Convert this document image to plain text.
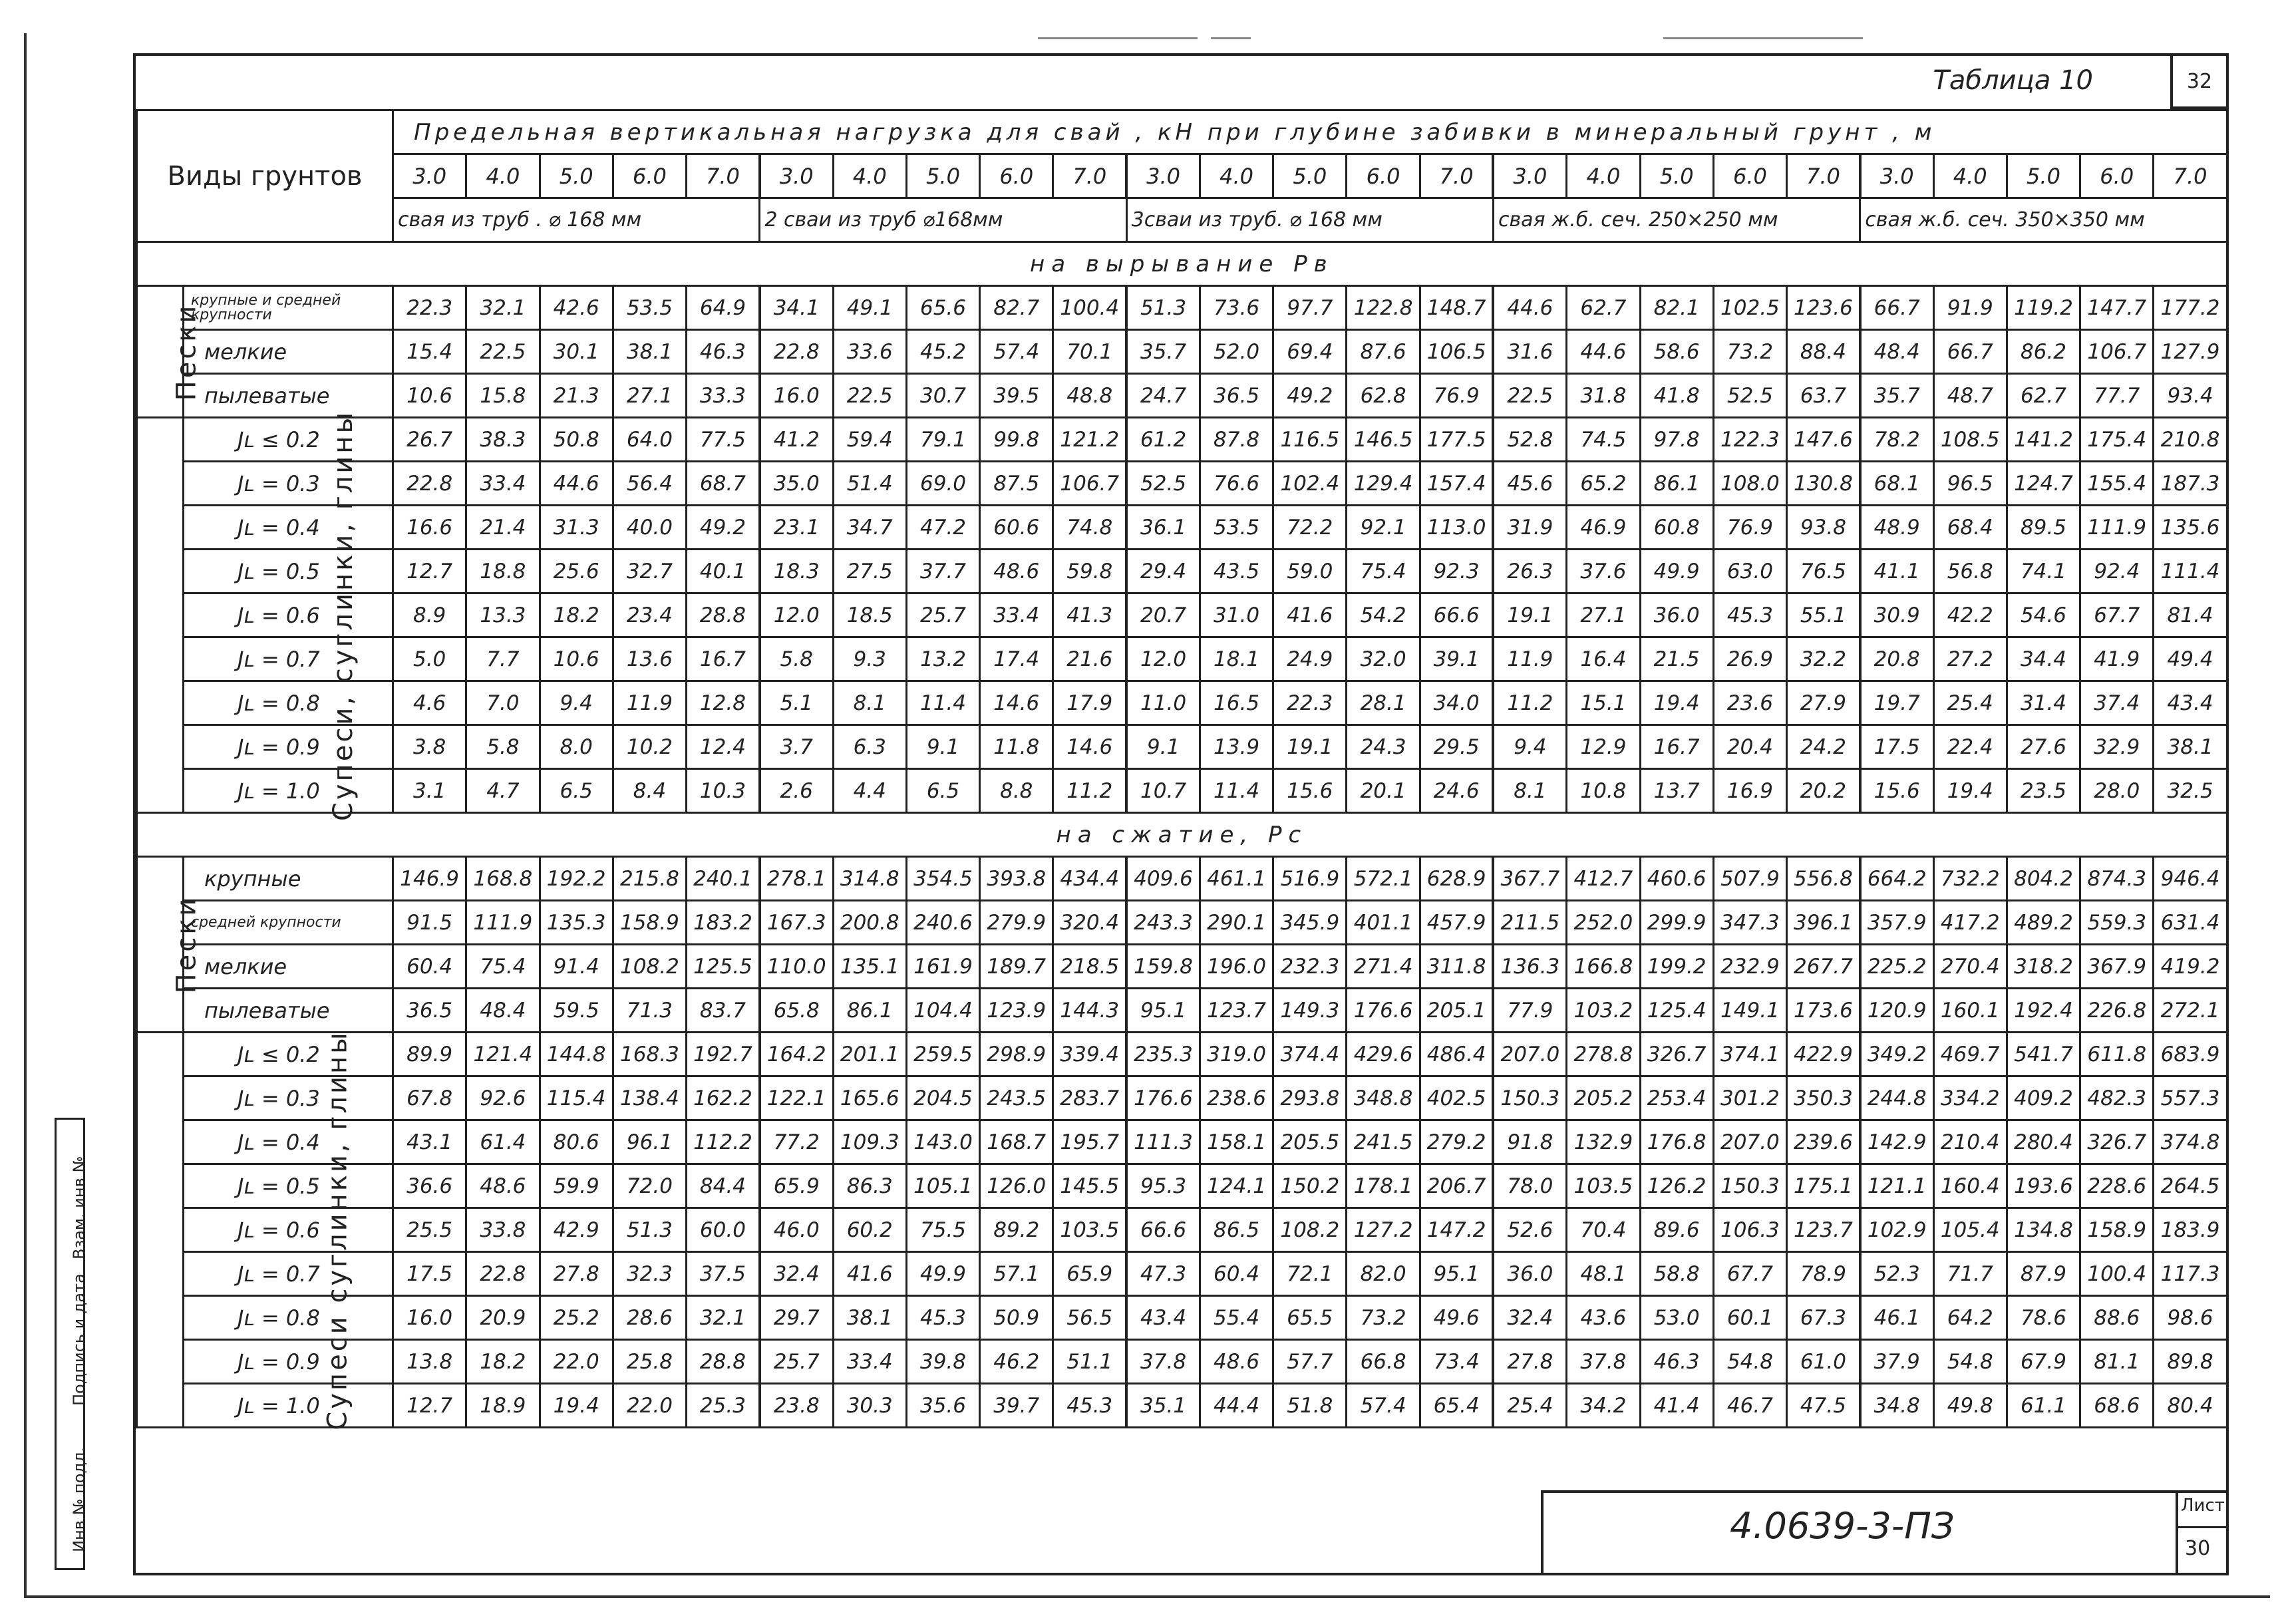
Инв № подл.
Подпись и дата
Взам. инв №
32
Таблица 10
Виды грунтов		Предельная вертикальная нагрузка для свай , кН при глубине забивки в минеральный грунт , м																								
		3.0	4.0	5.0	6.0	7.0	3.0	4.0	5.0	6.0	7.0	3.0	4.0	5.0	6.0	7.0	3.0	4.0	5.0	6.0	7.0	3.0	4.0	5.0	6.0	7.0
		свая из труб . ⌀ 168 мм					2 сваи из труб ⌀168мм					3сваи из труб. ⌀ 168 мм					свая ж.б. сеч. 250×250 мм					свая ж.б. сеч. 350×350 мм				
на вырывание Pв																										
Пески	крупные и средней крупности	22.3	32.1	42.6	53.5	64.9	34.1	49.1	65.6	82.7	100.4	51.3	73.6	97.7	122.8	148.7	44.6	62.7	82.1	102.5	123.6	66.7	91.9	119.2	147.7	177.2
	мелкие	15.4	22.5	30.1	38.1	46.3	22.8	33.6	45.2	57.4	70.1	35.7	52.0	69.4	87.6	106.5	31.6	44.6	58.6	73.2	88.4	48.4	66.7	86.2	106.7	127.9
	пылеватые	10.6	15.8	21.3	27.1	33.3	16.0	22.5	30.7	39.5	48.8	24.7	36.5	49.2	62.8	76.9	22.5	31.8	41.8	52.5	63.7	35.7	48.7	62.7	77.7	93.4
Супеси, суглинки, глины	Jʟ ≤ 0.2	26.7	38.3	50.8	64.0	77.5	41.2	59.4	79.1	99.8	121.2	61.2	87.8	116.5	146.5	177.5	52.8	74.5	97.8	122.3	147.6	78.2	108.5	141.2	175.4	210.8
	Jʟ = 0.3	22.8	33.4	44.6	56.4	68.7	35.0	51.4	69.0	87.5	106.7	52.5	76.6	102.4	129.4	157.4	45.6	65.2	86.1	108.0	130.8	68.1	96.5	124.7	155.4	187.3
	Jʟ = 0.4	16.6	21.4	31.3	40.0	49.2	23.1	34.7	47.2	60.6	74.8	36.1	53.5	72.2	92.1	113.0	31.9	46.9	60.8	76.9	93.8	48.9	68.4	89.5	111.9	135.6
	Jʟ = 0.5	12.7	18.8	25.6	32.7	40.1	18.3	27.5	37.7	48.6	59.8	29.4	43.5	59.0	75.4	92.3	26.3	37.6	49.9	63.0	76.5	41.1	56.8	74.1	92.4	111.4
	Jʟ = 0.6	8.9	13.3	18.2	23.4	28.8	12.0	18.5	25.7	33.4	41.3	20.7	31.0	41.6	54.2	66.6	19.1	27.1	36.0	45.3	55.1	30.9	42.2	54.6	67.7	81.4
	Jʟ = 0.7	5.0	7.7	10.6	13.6	16.7	5.8	9.3	13.2	17.4	21.6	12.0	18.1	24.9	32.0	39.1	11.9	16.4	21.5	26.9	32.2	20.8	27.2	34.4	41.9	49.4
	Jʟ = 0.8	4.6	7.0	9.4	11.9	12.8	5.1	8.1	11.4	14.6	17.9	11.0	16.5	22.3	28.1	34.0	11.2	15.1	19.4	23.6	27.9	19.7	25.4	31.4	37.4	43.4
	Jʟ = 0.9	3.8	5.8	8.0	10.2	12.4	3.7	6.3	9.1	11.8	14.6	9.1	13.9	19.1	24.3	29.5	9.4	12.9	16.7	20.4	24.2	17.5	22.4	27.6	32.9	38.1
	Jʟ = 1.0	3.1	4.7	6.5	8.4	10.3	2.6	4.4	6.5	8.8	11.2	10.7	11.4	15.6	20.1	24.6	8.1	10.8	13.7	16.9	20.2	15.6	19.4	23.5	28.0	32.5
на сжатие, Pс																										
Пески	крупные	146.9	168.8	192.2	215.8	240.1	278.1	314.8	354.5	393.8	434.4	409.6	461.1	516.9	572.1	628.9	367.7	412.7	460.6	507.9	556.8	664.2	732.2	804.2	874.3	946.4
	средней крупности	91.5	111.9	135.3	158.9	183.2	167.3	200.8	240.6	279.9	320.4	243.3	290.1	345.9	401.1	457.9	211.5	252.0	299.9	347.3	396.1	357.9	417.2	489.2	559.3	631.4
	мелкие	60.4	75.4	91.4	108.2	125.5	110.0	135.1	161.9	189.7	218.5	159.8	196.0	232.3	271.4	311.8	136.3	166.8	199.2	232.9	267.7	225.2	270.4	318.2	367.9	419.2
	пылеватые	36.5	48.4	59.5	71.3	83.7	65.8	86.1	104.4	123.9	144.3	95.1	123.7	149.3	176.6	205.1	77.9	103.2	125.4	149.1	173.6	120.9	160.1	192.4	226.8	272.1
Супеси суглинки, глины	Jʟ ≤ 0.2	89.9	121.4	144.8	168.3	192.7	164.2	201.1	259.5	298.9	339.4	235.3	319.0	374.4	429.6	486.4	207.0	278.8	326.7	374.1	422.9	349.2	469.7	541.7	611.8	683.9
	Jʟ = 0.3	67.8	92.6	115.4	138.4	162.2	122.1	165.6	204.5	243.5	283.7	176.6	238.6	293.8	348.8	402.5	150.3	205.2	253.4	301.2	350.3	244.8	334.2	409.2	482.3	557.3
	Jʟ = 0.4	43.1	61.4	80.6	96.1	112.2	77.2	109.3	143.0	168.7	195.7	111.3	158.1	205.5	241.5	279.2	91.8	132.9	176.8	207.0	239.6	142.9	210.4	280.4	326.7	374.8
	Jʟ = 0.5	36.6	48.6	59.9	72.0	84.4	65.9	86.3	105.1	126.0	145.5	95.3	124.1	150.2	178.1	206.7	78.0	103.5	126.2	150.3	175.1	121.1	160.4	193.6	228.6	264.5
	Jʟ = 0.6	25.5	33.8	42.9	51.3	60.0	46.0	60.2	75.5	89.2	103.5	66.6	86.5	108.2	127.2	147.2	52.6	70.4	89.6	106.3	123.7	102.9	105.4	134.8	158.9	183.9
	Jʟ = 0.7	17.5	22.8	27.8	32.3	37.5	32.4	41.6	49.9	57.1	65.9	47.3	60.4	72.1	82.0	95.1	36.0	48.1	58.8	67.7	78.9	52.3	71.7	87.9	100.4	117.3
	Jʟ = 0.8	16.0	20.9	25.2	28.6	32.1	29.7	38.1	45.3	50.9	56.5	43.4	55.4	65.5	73.2	49.6	32.4	43.6	53.0	60.1	67.3	46.1	64.2	78.6	88.6	98.6
	Jʟ = 0.9	13.8	18.2	22.0	25.8	28.8	25.7	33.4	39.8	46.2	51.1	37.8	48.6	57.7	66.8	73.4	27.8	37.8	46.3	54.8	61.0	37.9	54.8	67.9	81.1	89.8
	Jʟ = 1.0	12.7	18.9	19.4	22.0	25.3	23.8	30.3	35.6	39.7	45.3	35.1	44.4	51.8	57.4	65.4	25.4	34.2	41.4	46.7	47.5	34.8	49.8	61.1	68.6	80.4
4.0639-3-ПЗ	Лист
30
